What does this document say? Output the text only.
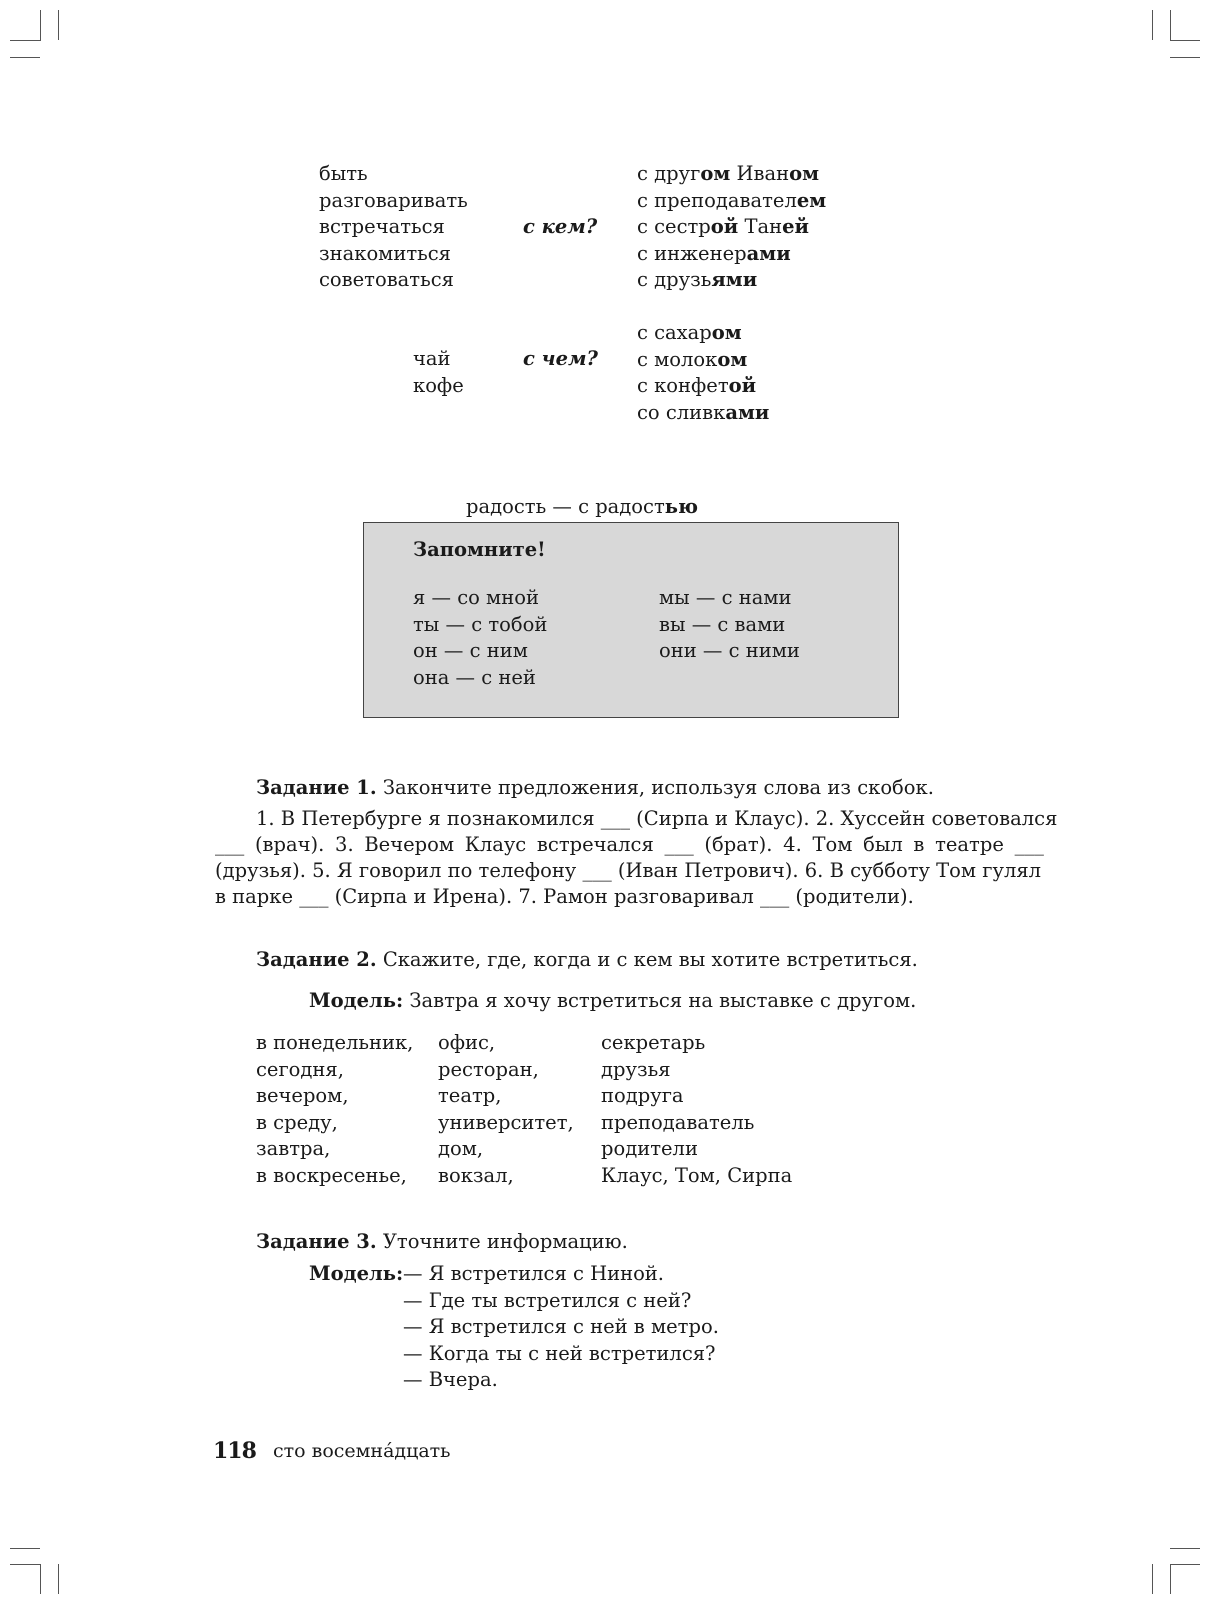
быть
разговаривать
встречаться
знакомиться
советоваться
с кем?
с другом Иваном
с преподавателем
с сестрой Таней
с инженерами
с друзьями
чай
кофе
с чем?
с сахаром
с молоком
с конфетой
со сливками

радость — с радостью

Запомните!
я — со мной
ты — с тобой
он — с ним
она — с ней
мы — с нами
вы — с вами
они — с ними
Задание 1. Закончите предложения, используя слова из скобок.
1. В Петербурге я познакомился ___ (Сирпа и Клаус). 2. Хуссейн советовался
___ (врач). 3. Вечером Клаус встречался ___ (брат). 4. Том был в театре ___
(друзья). 5. Я говорил по телефону ___ (Иван Петрович). 6. В субботу Том гулял
в парке ___ (Сирпа и Ирена). 7. Рамон разговаривал ___ (родители).
Задание 2. Скажите, где, когда и с кем вы хотите встретиться.
Модель: Завтра я хочу встретиться на выставке с другом.
в понедельник,
сегодня,
вечером,
в среду,
завтра,
в воскресенье,
офис,
ресторан,
театр,
университет,
дом,
вокзал,
секретарь
друзья
подруга
преподаватель
родители
Клаус, Том, Сирпа
Задание 3. Уточните информацию.
Модель: — Я встретился с Ниной.
— Где ты встретился с ней?
— Я встретился с ней в метро.
— Когда ты с ней встретился?
— Вчера.
118 сто восемна́дцать
